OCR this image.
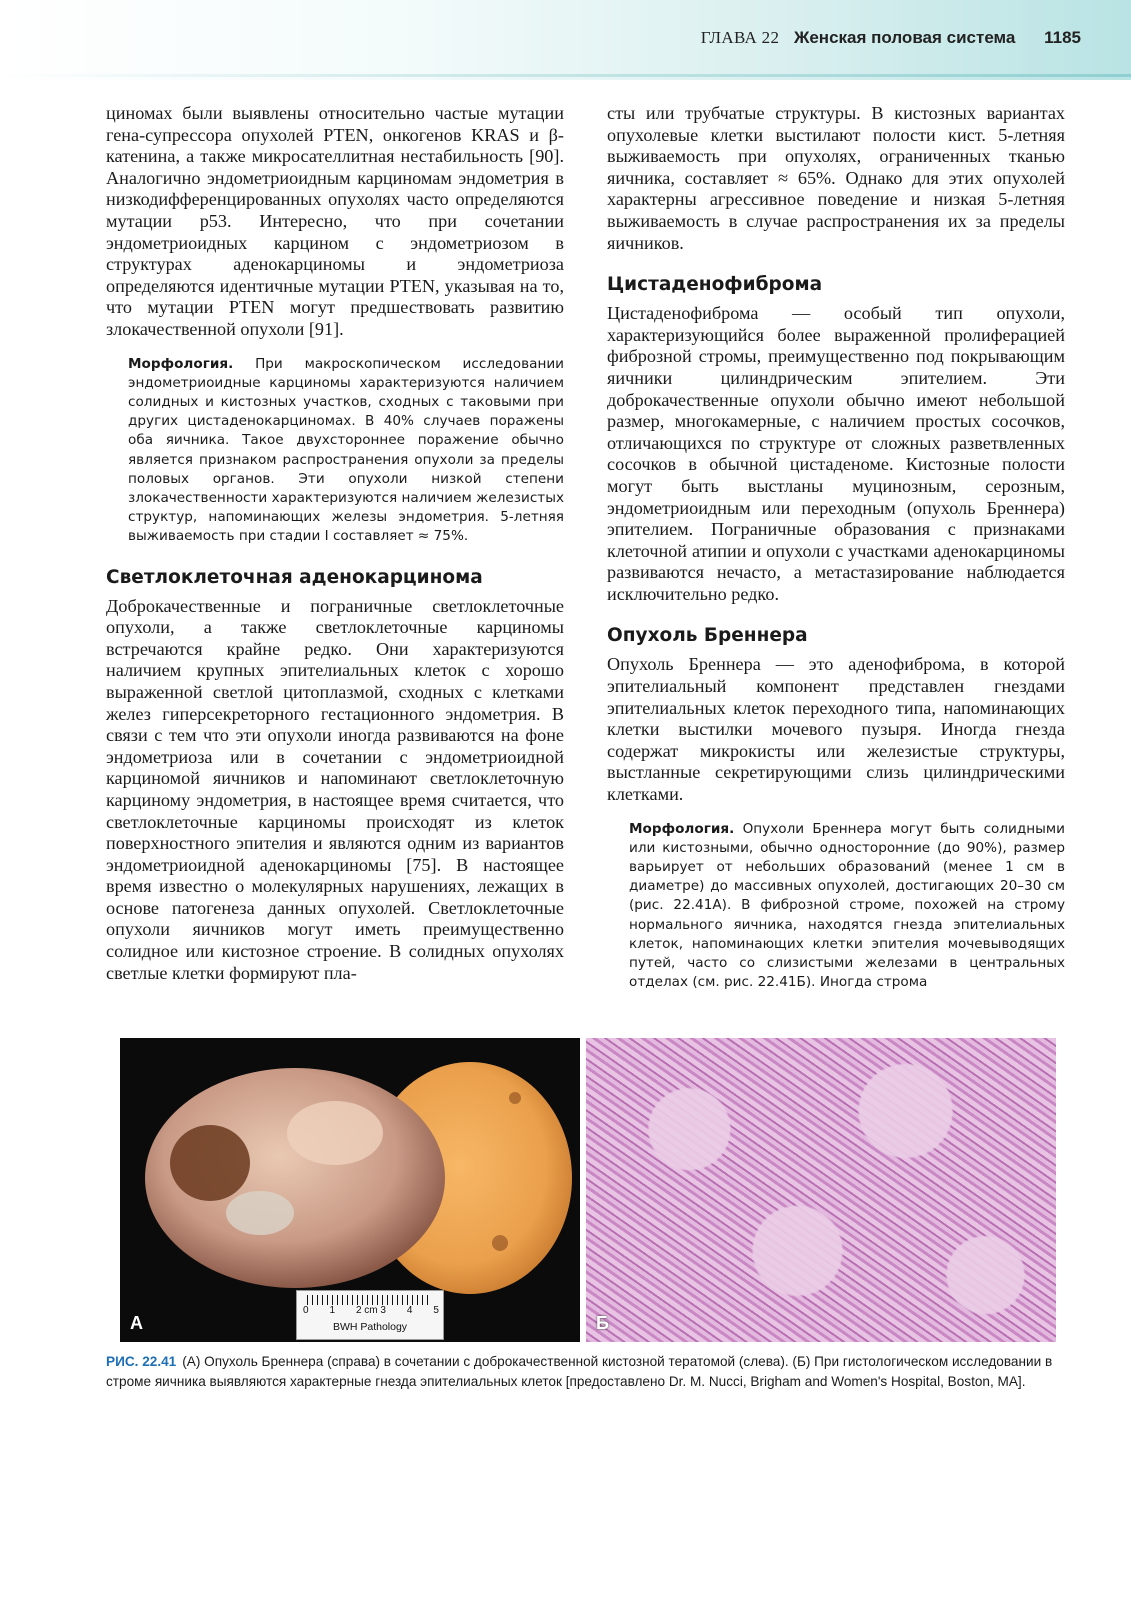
ГЛАВА 22 Женская половая система 1185

циномах были выявлены относительно частые мутации гена-супрессора опухолей PTEN, онкогенов KRAS и β-катенина, а также микросателлитная нестабильность [90]. Аналогично эндометриоидным карциномам эндометрия в низкодифференцированных опухолях часто определяются мутации p53. Интересно, что при сочетании эндометриоидных карцином с эндометриозом в структурах аденокарциномы и эндометриоза определяются идентичные мутации PTEN, указывая на то, что мутации PTEN могут предшествовать развитию злокачественной опухоли [91].

Морфология. При макроскопическом исследовании эндометриоидные карциномы характеризуются наличием солидных и кистозных участков, сходных с таковыми при других цистаденокарциномах. В 40% случаев поражены оба яичника. Такое двухстороннее поражение обычно является признаком распространения опухоли за пределы половых органов. Эти опухоли низкой степени злокачественности характеризуются наличием железистых структур, напоминающих железы эндометрия. 5-летняя выживаемость при стадии I составляет ≈ 75%.
Светлоклеточная аденокарцинома

Доброкачественные и пограничные светлоклеточные опухоли, а также светлоклеточные карциномы встречаются крайне редко. Они характеризуются наличием крупных эпителиальных клеток с хорошо выраженной светлой цитоплазмой, сходных с клетками желез гиперсекреторного гестационного эндометрия. В связи с тем что эти опухоли иногда развиваются на фоне эндометриоза или в сочетании с эндометриоидной карциномой яичников и напоминают светлоклеточную карциному эндометрия, в настоящее время считается, что светлоклеточные карциномы происходят из клеток поверхностного эпителия и являются одним из вариантов эндометриоидной аденокарциномы [75]. В настоящее время известно о молекулярных нарушениях, лежащих в основе патогенеза данных опухолей. Светлоклеточные опухоли яичников могут иметь преимущественно солидное или кистозное строение. В солидных опухолях светлые клетки формируют пла-

сты или трубчатые структуры. В кистозных вариантах опухолевые клетки выстилают полости кист. 5-летняя выживаемость при опухолях, ограниченных тканью яичника, составляет ≈ 65%. Однако для этих опухолей характерны агрессивное поведение и низкая 5-летняя выживаемость в случае распространения их за пределы яичников.

Цистаденофиброма

Цистаденофиброма — особый тип опухоли, характеризующийся более выраженной пролиферацией фиброзной стромы, преимущественно под покрывающим яичники цилиндрическим эпителием. Эти доброкачественные опухоли обычно имеют небольшой размер, многокамерные, с наличием простых сосочков, отличающихся по структуре от сложных разветвленных сосочков в обычной цистаденоме. Кистозные полости могут быть выстланы муцинозным, серозным, эндометриоидным или переходным (опухоль Бреннера) эпителием. Пограничные образования с признаками клеточной атипии и опухоли с участками аденокарциномы развиваются нечасто, а метастазирование наблюдается исключительно редко.

Опухоль Бреннера

Опухоль Бреннера — это аденофиброма, в которой эпителиальный компонент представлен гнездами эпителиальных клеток переходного типа, напоминающих клетки выстилки мочевого пузыря. Иногда гнезда содержат микрокисты или железистые структуры, выстланные секретирующими слизь цилиндрическими клетками.

Морфология. Опухоли Бреннера могут быть солидными или кистозными, обычно односторонние (до 90%), размер варьирует от небольших образований (менее 1 см в диаметре) до массивных опухолей, достигающих 20–30 см (рис. 22.41А). В фиброзной строме, похожей на строму нормального яичника, находятся гнезда эпителиальных клеток, напоминающих клетки эпителия мочевыводящих путей, часто со слизистыми железами в центральных отделах (см. рис. 22.41Б). Иногда строма
0 1 2 cm 3 4 5
BWH Pathology
А	Б
РИС. 22.41 (А) Опухоль Бреннера (справа) в сочетании с доброкачественной кистозной тератомой (слева). (Б) При гистологическом исследовании в строме яичника выявляются характерные гнезда эпителиальных клеток [предоставлено Dr. M. Nucci, Brigham and Women's Hospital, Boston, MA].
